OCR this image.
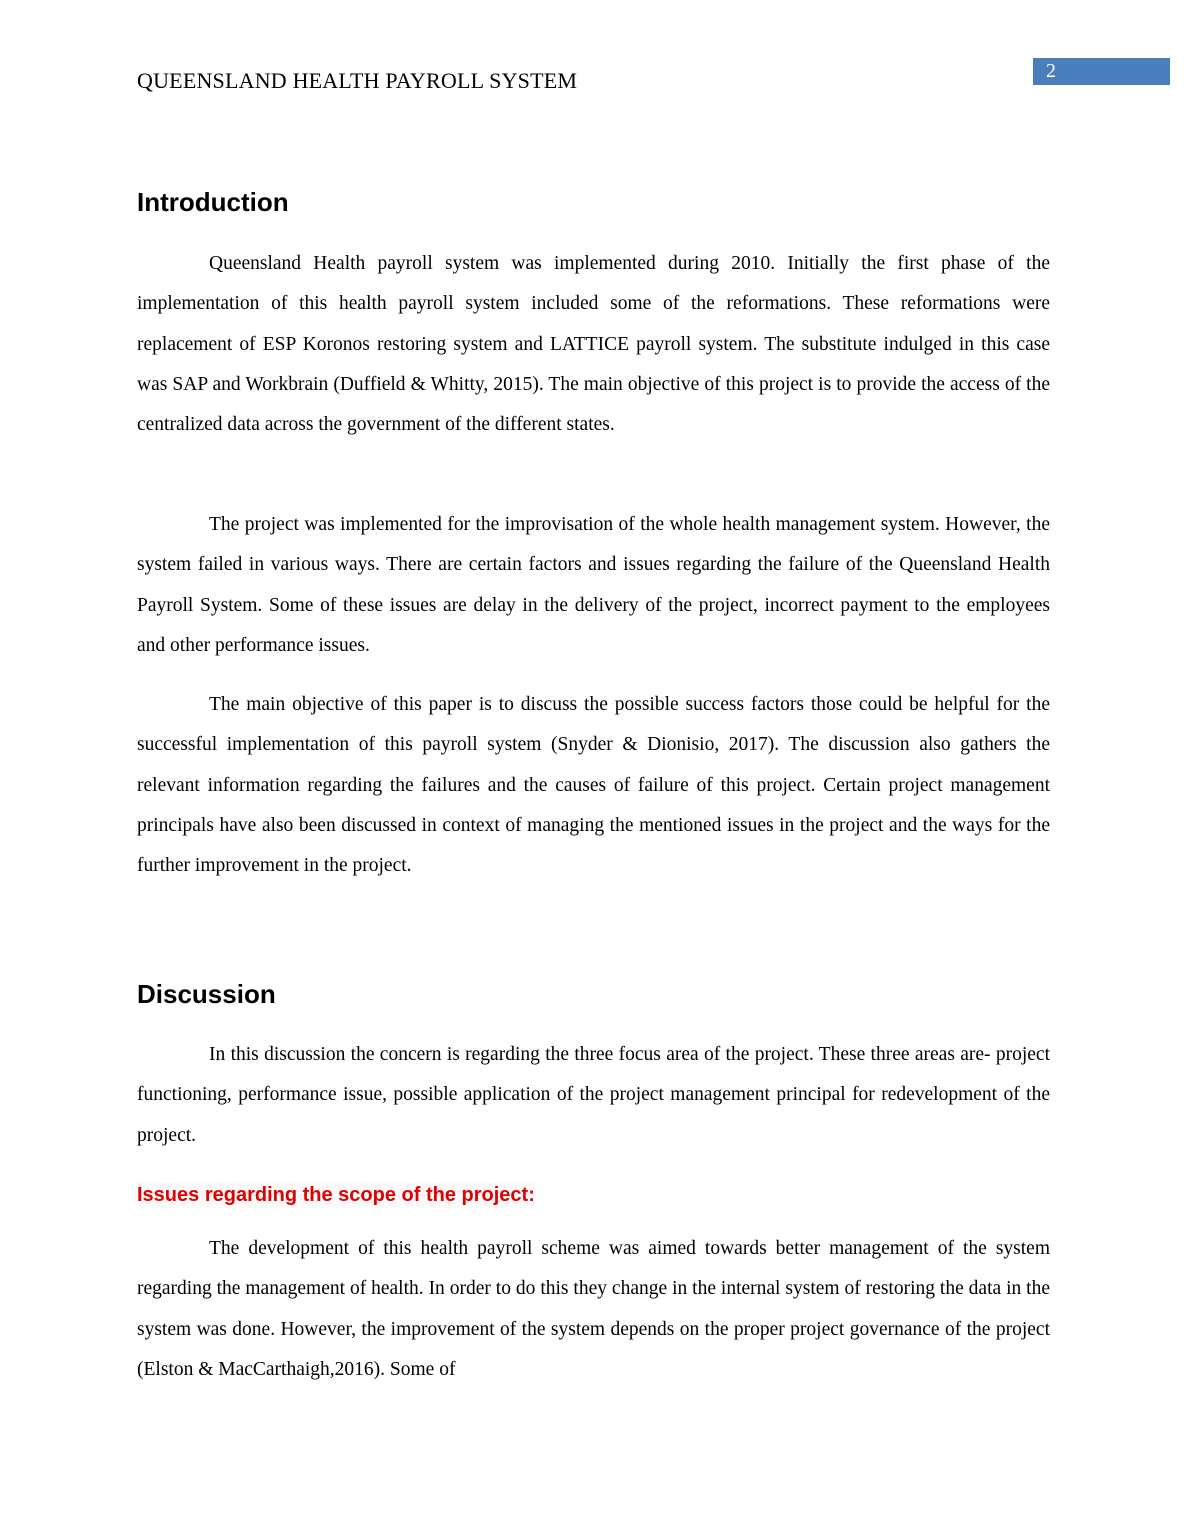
QUEENSLAND HEALTH PAYROLL SYSTEM	2
Introduction

Queensland Health payroll system was implemented during 2010. Initially the first phase of the implementation of this health payroll system included some of the reformations. These reformations were replacement of ESP Koronos restoring system and LATTICE payroll system. The substitute indulged in this case was SAP and Workbrain (Duffield & Whitty, 2015). The main objective of this project is to provide the access of the centralized data across the government of the different states.

The project was implemented for the improvisation of the whole health management system. However, the system failed in various ways. There are certain factors and issues regarding the failure of the Queensland Health Payroll System. Some of these issues are delay in the delivery of the project, incorrect payment to the employees and other performance issues.

The main objective of this paper is to discuss the possible success factors those could be helpful for the successful implementation of this payroll system (Snyder & Dionisio, 2017). The discussion also gathers the relevant information regarding the failures and the causes of failure of this project. Certain project management principals have also been discussed in context of managing the mentioned issues in the project and the ways for the further improvement in the project.

Discussion

In this discussion the concern is regarding the three focus area of the project. These three areas are- project functioning, performance issue, possible application of the project management principal for redevelopment of the project.

Issues regarding the scope of the project:

The development of this health payroll scheme was aimed towards better management of the system regarding the management of health. In order to do this they change in the internal system of restoring the data in the system was done. However, the improvement of the system depends on the proper project governance of the project (Elston & MacCarthaigh,2016). Some of
